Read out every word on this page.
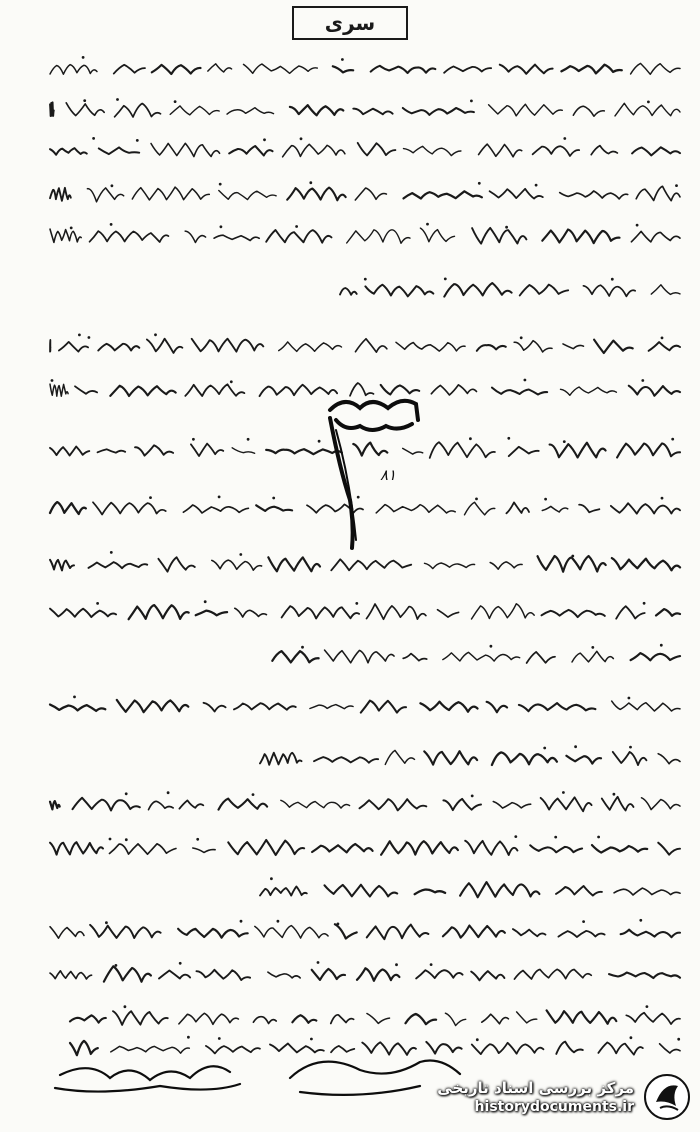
سری
۸۱
مرکز بررسی اسناد تاریخی
historydocuments.ir
